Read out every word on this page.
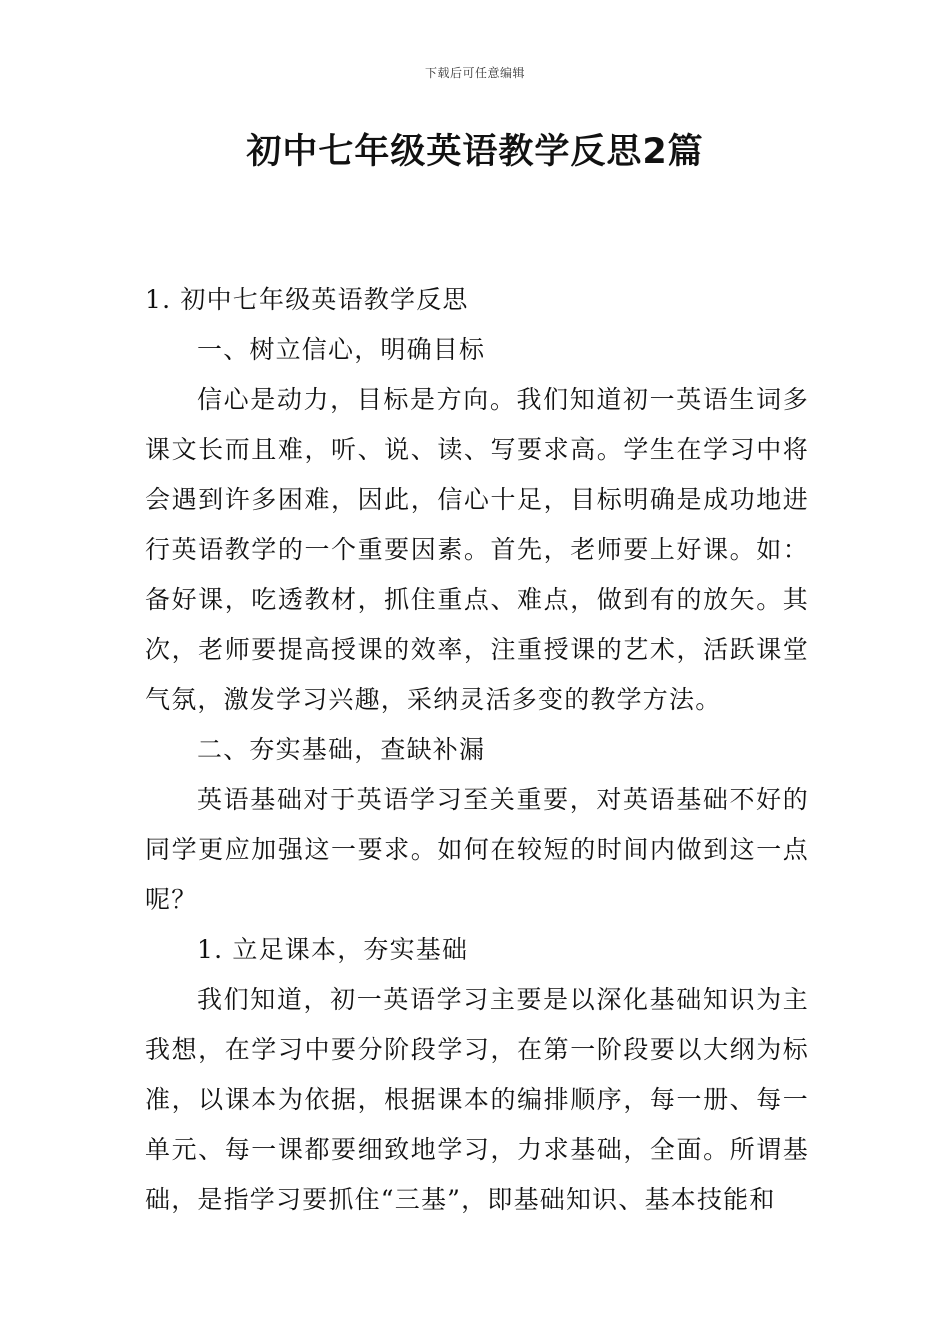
下载后可任意编辑
初中七年级英语教学反思2篇

1. 初中七年级英语教学反思

一、树立信心，明确目标

信心是动力，目标是方向。我们知道初一英语生词多课文长而且难，听、说、读、写要求高。学生在学习中将会遇到许多困难，因此，信心十足，目标明确是成功地进行英语教学的一个重要因素。首先，老师要上好课。如：备好课，吃透教材，抓住重点、难点，做到有的放矢。其次，老师要提高授课的效率，注重授课的艺术，活跃课堂气氛，激发学习兴趣，采纳灵活多变的教学方法。

二、夯实基础，查缺补漏

英语基础对于英语学习至关重要，对英语基础不好的同学更应加强这一要求。如何在较短的时间内做到这一点呢？

1. 立足课本，夯实基础

我们知道，初一英语学习主要是以深化基础知识为主我想，在学习中要分阶段学习，在第一阶段要以大纲为标准，以课本为依据，根据课本的编排顺序，每一册、每一单元、每一课都要细致地学习，力求基础，全面。所谓基础，是指学习要抓住“三基”，即基础知识、基本技能和
